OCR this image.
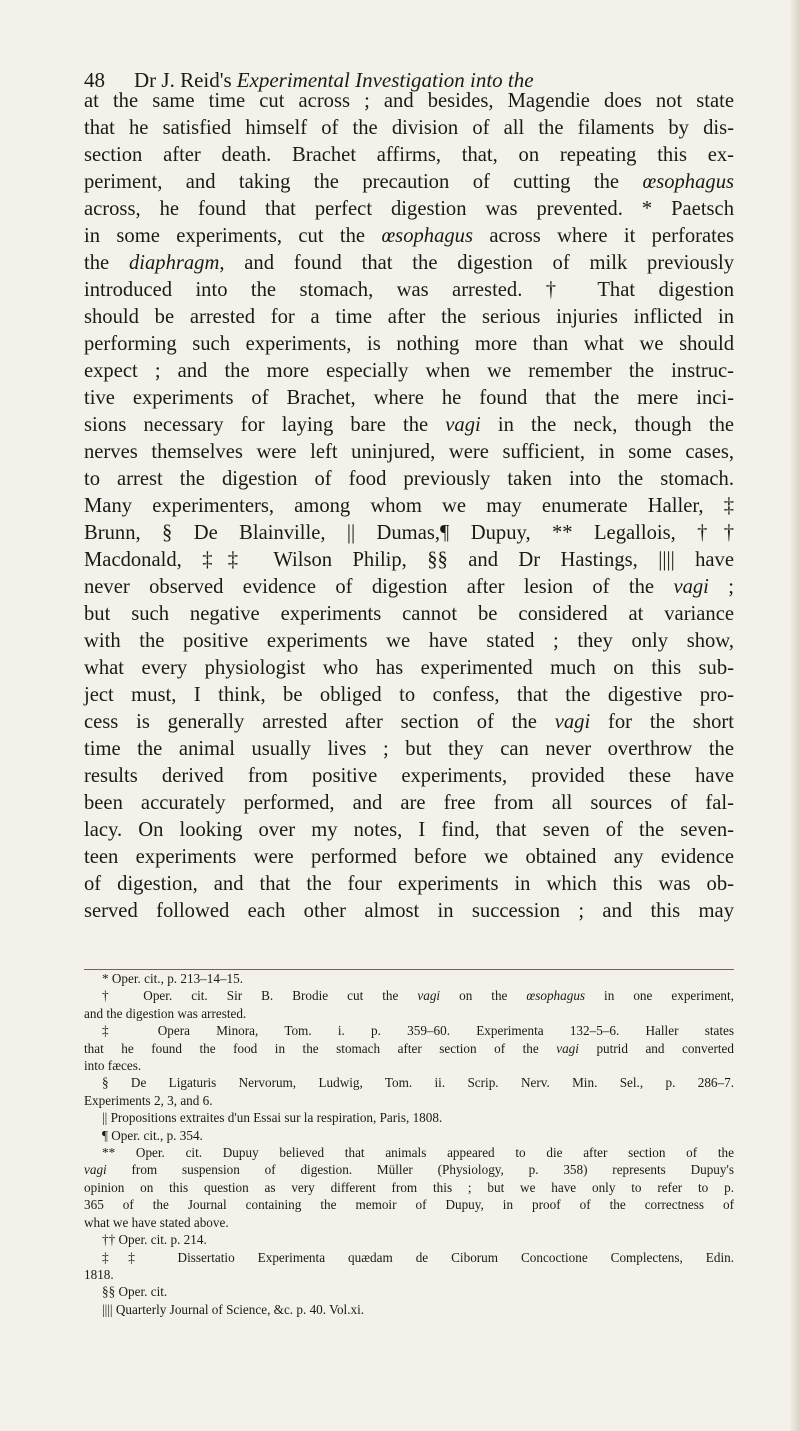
48 Dr J. Reid's Experimental Investigation into the
at the same time cut across ; and besides, Magendie does not state
that he satisfied himself of the division of all the filaments by dis-
section after death. Brachet affirms, that, on repeating this ex-
periment, and taking the precaution of cutting the œsophagus
across, he found that perfect digestion was prevented. * Paetsch
in some experiments, cut the œsophagus across where it perforates
the diaphragm, and found that the digestion of milk previously
introduced into the stomach, was arrested. † That digestion
should be arrested for a time after the serious injuries inflicted in
performing such experiments, is nothing more than what we should
expect ; and the more especially when we remember the instruc-
tive experiments of Brachet, where he found that the mere inci-
sions necessary for laying bare the vagi in the neck, though the
nerves themselves were left uninjured, were sufficient, in some cases,
to arrest the digestion of food previously taken into the stomach.
Many experimenters, among whom we may enumerate Haller, ‡
Brunn, § De Blainville, || Dumas,¶ Dupuy, ** Legallois, ††
Macdonald, ‡‡ Wilson Philip, §§ and Dr Hastings, |||| have
never observed evidence of digestion after lesion of the vagi ;
but such negative experiments cannot be considered at variance
with the positive experiments we have stated ; they only show,
what every physiologist who has experimented much on this sub-
ject must, I think, be obliged to confess, that the digestive pro-
cess is generally arrested after section of the vagi for the short
time the animal usually lives ; but they can never overthrow the
results derived from positive experiments, provided these have
been accurately performed, and are free from all sources of fal-
lacy. On looking over my notes, I find, that seven of the seven-
teen experiments were performed before we obtained any evidence
of digestion, and that the four experiments in which this was ob-
served followed each other almost in succession ; and this may
* Oper. cit., p. 213–14–15.
† Oper. cit. Sir B. Brodie cut the vagi on the œsophagus in one experiment,
and the digestion was arrested.
‡ Opera Minora, Tom. i. p. 359–60. Experimenta 132–5–6. Haller states
that he found the food in the stomach after section of the vagi putrid and converted
into fæces.
§ De Ligaturis Nervorum, Ludwig, Tom. ii. Scrip. Nerv. Min. Sel., p. 286–7.
Experiments 2, 3, and 6.
|| Propositions extraites d'un Essai sur la respiration, Paris, 1808.
¶ Oper. cit., p. 354.
** Oper. cit. Dupuy believed that animals appeared to die after section of the
vagi from suspension of digestion. Müller (Physiology, p. 358) represents Dupuy's
opinion on this question as very different from this ; but we have only to refer to p.
365 of the Journal containing the memoir of Dupuy, in proof of the correctness of
what we have stated above.
†† Oper. cit. p. 214.
‡‡ Dissertatio Experimenta quædam de Ciborum Concoctione Complectens, Edin.
1818.
§§ Oper. cit.
|||| Quarterly Journal of Science, &c. p. 40. Vol.xi.
